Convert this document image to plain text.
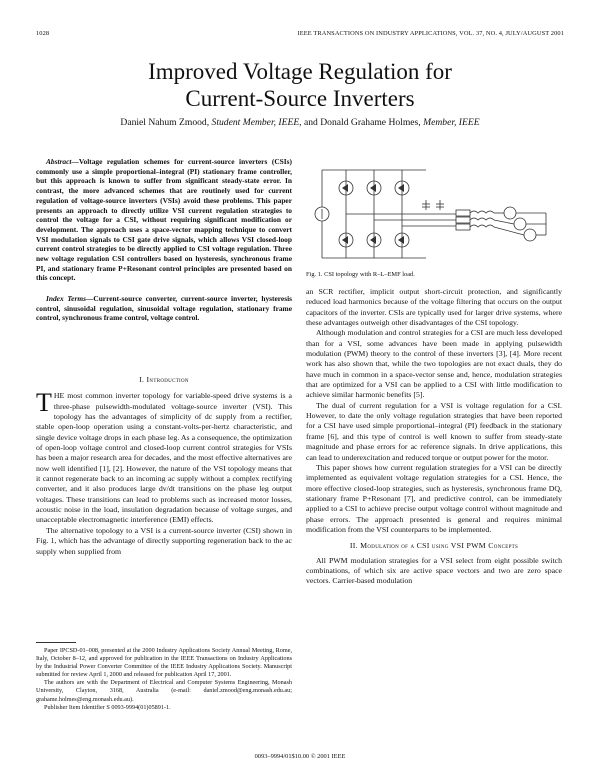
1028	IEEE TRANSACTIONS ON INDUSTRY APPLICATIONS, VOL. 37, NO. 4, JULY/AUGUST 2001
Improved Voltage Regulation for
Current-Source Inverters
Daniel Nahum Zmood, Student Member, IEEE, and Donald Grahame Holmes, Member, IEEE

Abstract—Voltage regulation schemes for current-source inverters (CSIs) commonly use a simple proportional–integral (PI) stationary frame controller, but this approach is known to suffer from significant steady-state error. In contrast, the more advanced schemes that are routinely used for current regulation of voltage-source inverters (VSIs) avoid these problems. This paper presents an approach to directly utilize VSI current regulation strategies to control the voltage for a CSI, without requiring significant modification or development. The approach uses a space-vector mapping technique to convert VSI modulation signals to CSI gate drive signals, which allows VSI closed-loop current control strategies to be directly applied to CSI voltage regulation. Three new voltage regulation CSI controllers based on hysteresis, synchronous frame PI, and stationary frame P+Resonant control principles are presented based on this concept.

Index Terms—Current-source converter, current-source inverter, hysteresis control, sinusoidal regulation, sinusoidal voltage regulation, stationary frame control, synchronous frame control, voltage control.

I. Introduction

THE most common inverter topology for variable-speed drive systems is a three-phase pulsewidth-modulated voltage-source inverter (VSI). This topology has the advantages of simplicity of dc supply from a rectifier, stable open-loop operation using a constant-volts-per-hertz characteristic, and single device voltage drops in each phase leg. As a consequence, the optimization of open-loop voltage control and closed-loop current control strategies for VSIs has been a major research area for decades, and the most effective alternatives are now well identified [1], [2]. However, the nature of the VSI topology means that it cannot regenerate back to an incoming ac supply without a complex rectifying converter, and it also produces large dv/dt transitions on the phase leg output voltages. These transitions can lead to problems such as increased motor losses, acoustic noise in the load, insulation degradation because of voltage surges, and unacceptable electromagnetic interference (EMI) effects.

The alternative topology to a VSI is a current-source inverter (CSI) shown in Fig. 1, which has the advantage of directly supporting regeneration back to the ac supply when supplied from

Paper IPCSD-01–008, presented at the 2000 Industry Applications Society Annual Meeting, Rome, Italy, October 8–12, and approved for publication in the IEEE Transactions on Industry Applications by the Industrial Power Converter Committee of the IEEE Industry Applications Society. Manuscript submitted for review April 1, 2000 and released for publication April 17, 2001.

The authors are with the Department of Electrical and Computer Systems Engineering, Monash University, Clayton, 3168, Australia (e-mail: daniel.zmood@eng.monash.edu.au; grahame.holmes@eng.monash.edu.au).

Publisher Item Identifier S 0093-9994(01)05891-1.

Fig. 1. CSI topology with R–L–EMF load.

an SCR rectifier, implicit output short-circuit protection, and significantly reduced load harmonics because of the voltage filtering that occurs on the output capacitors of the inverter. CSIs are typically used for larger drive systems, where these advantages outweigh other disadvantages of the CSI topology.

Although modulation and control strategies for a CSI are much less developed than for a VSI, some advances have been made in applying pulsewidth modulation (PWM) theory to the control of these inverters [3], [4]. More recent work has also shown that, while the two topologies are not exact duals, they do have much in common in a space-vector sense and, hence, modulation strategies that are optimized for a VSI can be applied to a CSI with little modification to achieve similar harmonic benefits [5].

The dual of current regulation for a VSI is voltage regulation for a CSI. However, to date the only voltage regulation strategies that have been reported for a CSI have used simple proportional–integral (PI) feedback in the stationary frame [6], and this type of control is well known to suffer from steady-state magnitude and phase errors for ac reference signals. In drive applications, this can lead to underexcitation and reduced torque or output power for the motor.

This paper shows how current regulation strategies for a VSI can be directly implemented as equivalent voltage regulation strategies for a CSI. Hence, the more effective closed-loop strategies, such as hysteresis, synchronous frame DQ, stationary frame P+Resonant [7], and predictive control, can be immediately applied to a CSI to achieve precise output voltage control without magnitude and phase errors. The approach presented is general and requires minimal modification from the VSI counterparts to be implemented.

II. Modulation of a CSI using VSI PWM Concepts

All PWM modulation strategies for a VSI select from eight possible switch combinations, of which six are active space vectors and two are zero space vectors. Carrier-based modulation

0093–9994/01$10.00 © 2001 IEEE
